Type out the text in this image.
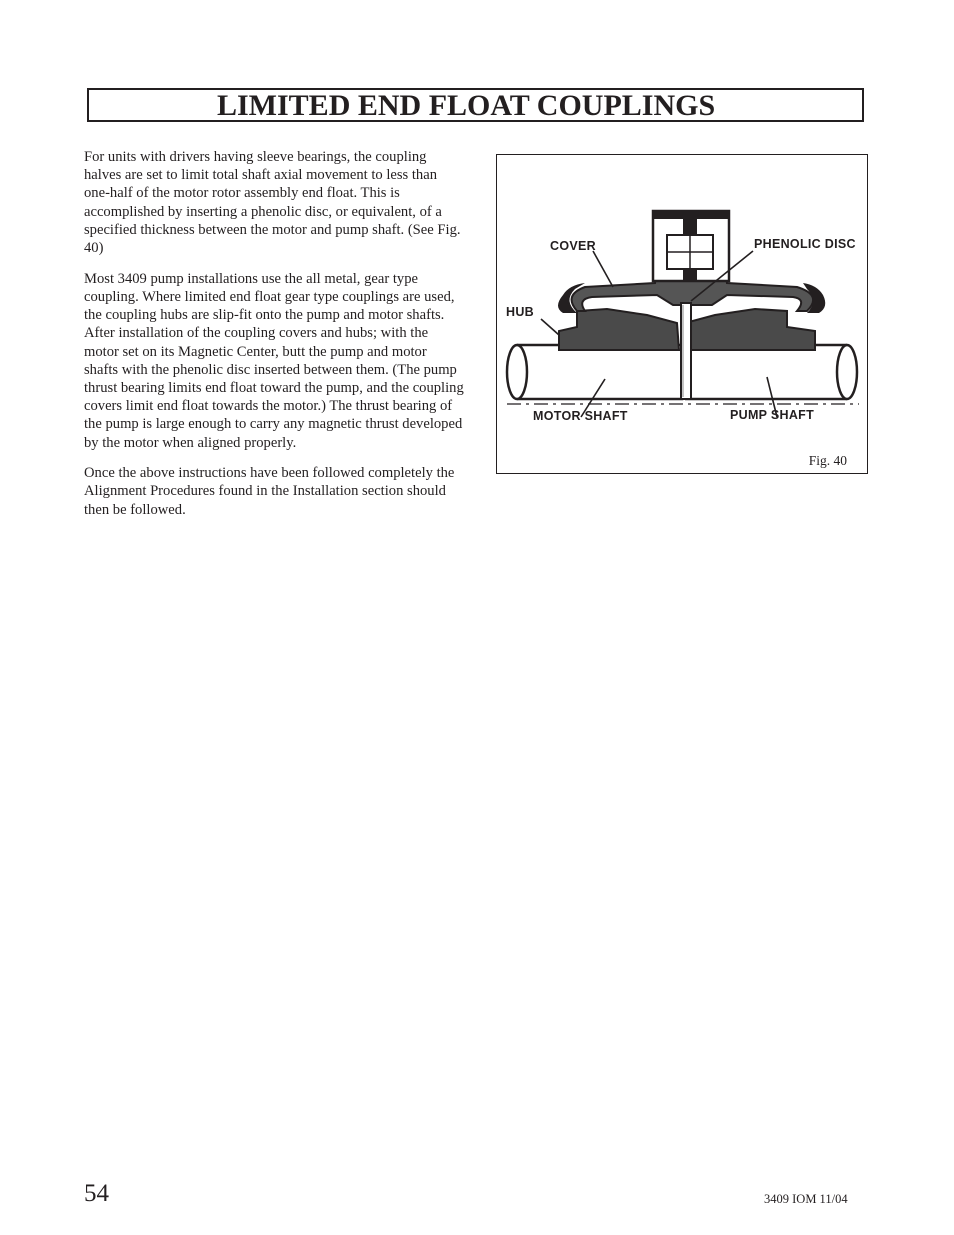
LIMITED END FLOAT COUPLINGS

For units with drivers having sleeve bearings, the coupling halves are set to limit total shaft axial movement to less than one-half of the motor rotor assembly end float. This is accomplished by inserting a phenolic disc, or equivalent, of a specified thickness between the motor and pump shaft. (See Fig. 40)

Most 3409 pump installations use the all metal, gear type coupling. Where limited end float gear type couplings are used, the coupling hubs are slip-fit onto the pump and motor shafts. After installation of the coupling covers and hubs; with the motor set on its Magnetic Center, butt the pump and motor shafts with the phenolic disc inserted between them. (The pump thrust bearing limits end float toward the pump, and the coupling covers limit end float towards the motor.) The thrust bearing of the pump is large enough to carry any magnetic thrust developed by the motor when aligned properly.

Once the above instructions have been followed completely the Alignment Procedures found in the Installation section should then be followed.

COVER	PHENOLIC DISC
HUB
MOTOR SHAFT	PUMP SHAFT
Fig. 40
54	3409 IOM 11/04
